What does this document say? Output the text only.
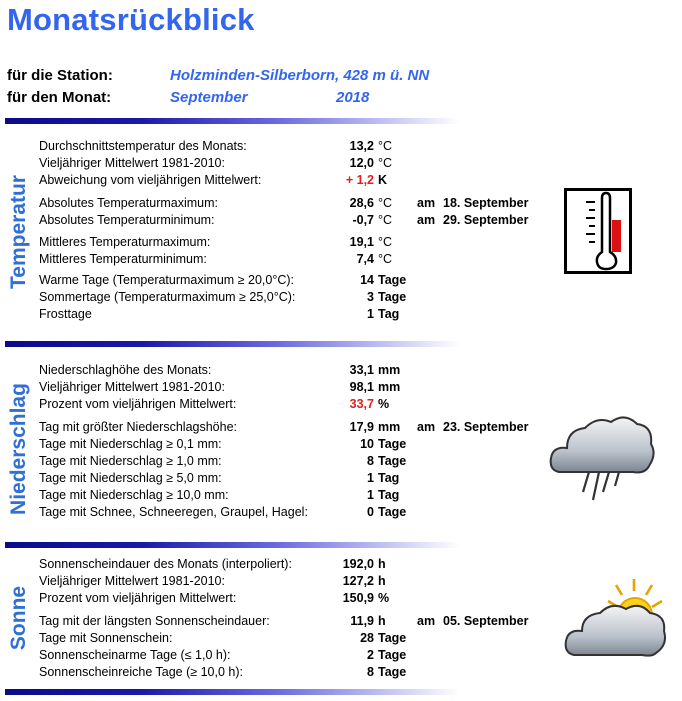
Monatsrückblick
für die Station:	Holzminden-Silberborn, 428 m ü. NN
für den Monat:	September	2018
Temperatur
Niederschlag
Sonne
Durchschnittstemperatur des Monats:	13,2 °C
Vieljähriger Mittelwert 1981-2010:	12,0 °C
Abweichung vom vieljährigen Mittelwert:	+ 1,2 K
Absolutes Temperaturmaximum:	28,6 °C am 18. September
Absolutes Temperaturminimum:	-0,7 °C am 29. September
Mittleres Temperaturmaximum:	19,1 °C
Mittleres Temperaturminimum:	7,4 °C
Warme Tage (Temperaturmaximum ≥ 20,0°C):	14 Tage
Sommertage (Temperaturmaximum ≥ 25,0°C):	3 Tage
Frosttage	1 Tag
Niederschlaghöhe des Monats:	33,1 mm
Vieljähriger Mittelwert 1981-2010:	98,1 mm
Prozent vom vieljährigen Mittelwert:	33,7 %
Tag mit größter Niederschlagshöhe:	17,9 mm am 23. September
Tage mit Niederschlag ≥ 0,1 mm:	10 Tage
Tage mit Niederschlag ≥ 1,0 mm:	8 Tage
Tage mit Niederschlag ≥ 5,0 mm:	1 Tag
Tage mit Niederschlag ≥ 10,0 mm:	1 Tag
Tage mit Schnee, Schneeregen, Graupel, Hagel:	0 Tage
Sonnenscheindauer des Monats (interpoliert):	192,0 h
Vieljähriger Mittelwert 1981-2010:	127,2 h
Prozent vom vieljährigen Mittelwert:	150,9 %
Tag mit der längsten Sonnenscheindauer:	11,9 h	am 05. September
Tage mit Sonnenschein:	28 Tage
Sonnenscheinarme Tage (≤ 1,0 h):	2 Tage
Sonnenscheinreiche Tage (≥ 10,0 h):	8 Tage
